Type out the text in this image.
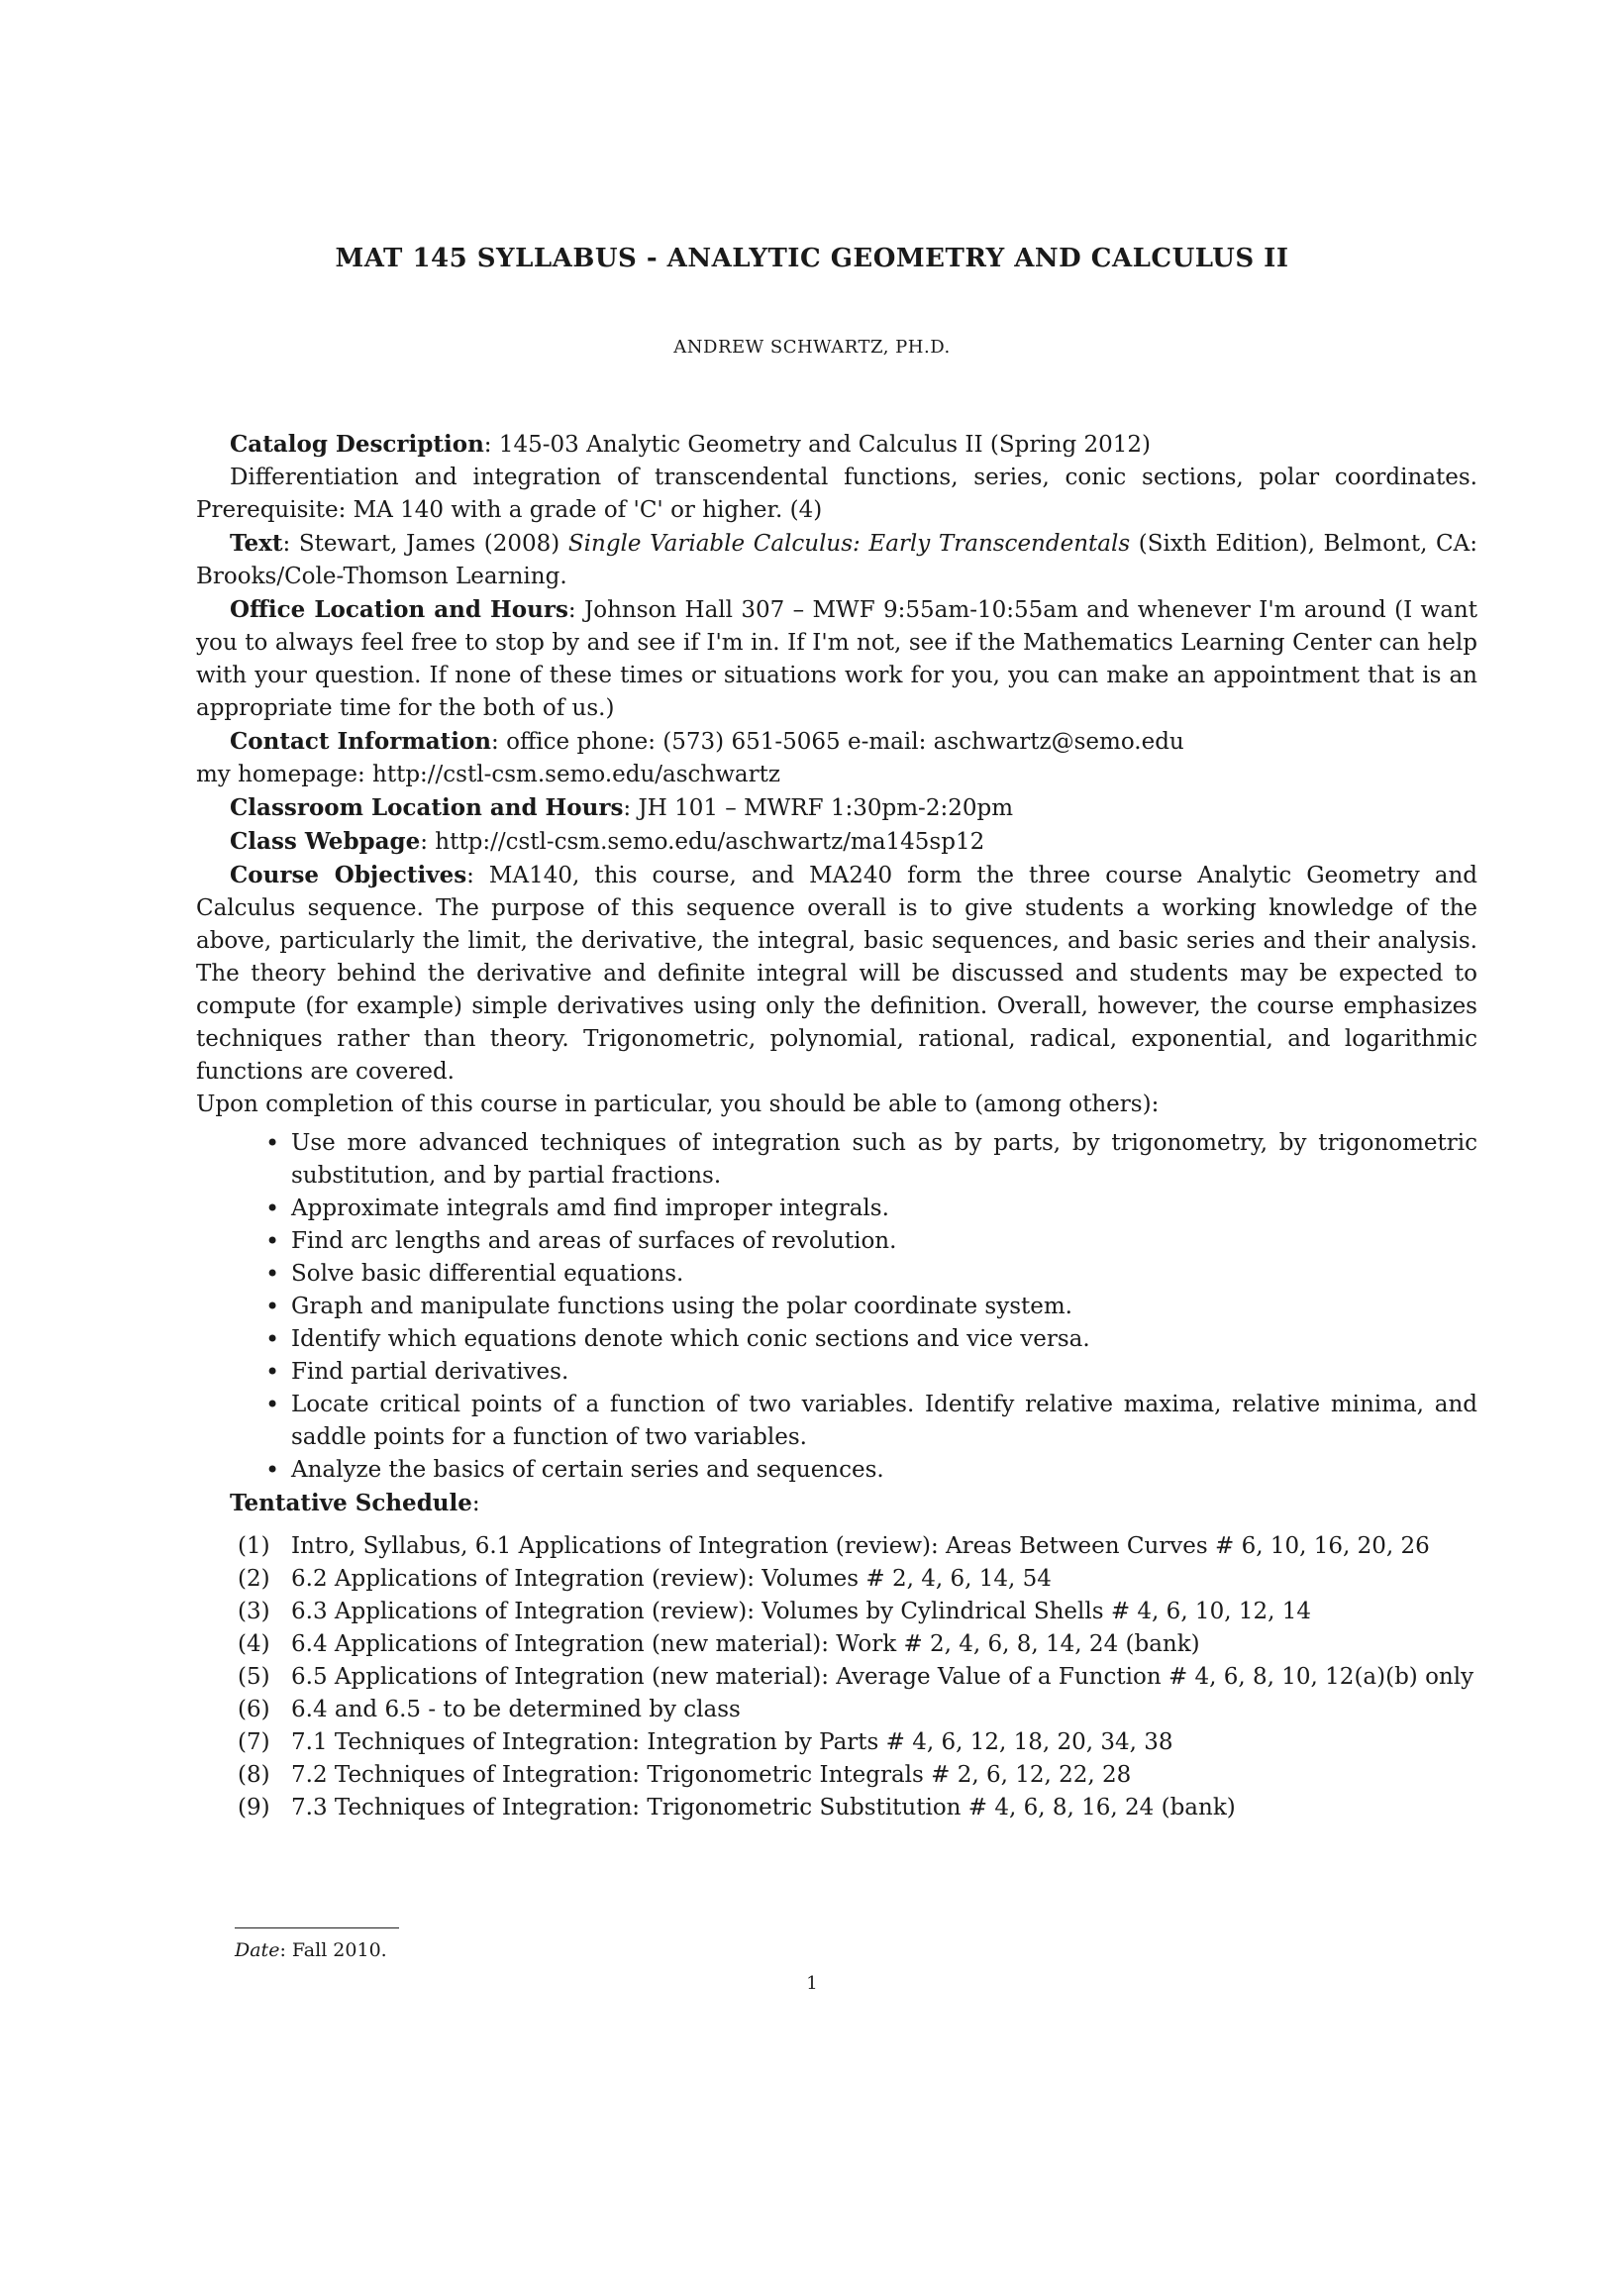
MAT 145 SYLLABUS - ANALYTIC GEOMETRY AND CALCULUS II
ANDREW SCHWARTZ, PH.D.

Catalog Description: 145-03 Analytic Geometry and Calculus II (Spring 2012)

Differentiation and integration of transcendental functions, series, conic sections, polar coordinates. Prerequisite: MA 140 with a grade of 'C' or higher. (4)

Text: Stewart, James (2008) Single Variable Calculus: Early Transcendentals (Sixth Edition), Belmont, CA: Brooks/Cole-Thomson Learning.

Office Location and Hours: Johnson Hall 307 – MWF 9:55am-10:55am and whenever I'm around (I want you to always feel free to stop by and see if I'm in. If I'm not, see if the Mathematics Learning Center can help with your question. If none of these times or situations work for you, you can make an appointment that is an appropriate time for the both of us.)

Contact Information: office phone: (573) 651-5065 e-mail: aschwartz@semo.edu

my homepage: http://cstl-csm.semo.edu/aschwartz

Classroom Location and Hours: JH 101 – MWRF 1:30pm-2:20pm

Class Webpage: http://cstl-csm.semo.edu/aschwartz/ma145sp12

Course Objectives: MA140, this course, and MA240 form the three course Analytic Geometry and Calculus sequence. The purpose of this sequence overall is to give students a working knowledge of the above, particularly the limit, the derivative, the integral, basic sequences, and basic series and their analysis. The theory behind the derivative and definite integral will be discussed and students may be expected to compute (for example) simple derivatives using only the definition. Overall, however, the course emphasizes techniques rather than theory. Trigonometric, polynomial, rational, radical, exponential, and logarithmic functions are covered.

Upon completion of this course in particular, you should be able to (among others):

• Use more advanced techniques of integration such as by parts, by trigonometry, by trigonometric substitution, and by partial fractions.
• Approximate integrals amd find improper integrals.
• Find arc lengths and areas of surfaces of revolution.
• Solve basic differential equations.
• Graph and manipulate functions using the polar coordinate system.
• Identify which equations denote which conic sections and vice versa.
• Find partial derivatives.
• Locate critical points of a function of two variables. Identify relative maxima, relative minima, and saddle points for a function of two variables.
• Analyze the basics of certain series and sequences.

Tentative Schedule:

(1) Intro, Syllabus, 6.1 Applications of Integration (review): Areas Between Curves # 6, 10, 16, 20, 26
(2) 6.2 Applications of Integration (review): Volumes # 2, 4, 6, 14, 54
(3) 6.3 Applications of Integration (review): Volumes by Cylindrical Shells # 4, 6, 10, 12, 14
(4) 6.4 Applications of Integration (new material): Work # 2, 4, 6, 8, 14, 24 (bank)
(5) 6.5 Applications of Integration (new material): Average Value of a Function # 4, 6, 8, 10, 12(a)(b) only
(6) 6.4 and 6.5 - to be determined by class
(7) 7.1 Techniques of Integration: Integration by Parts # 4, 6, 12, 18, 20, 34, 38
(8) 7.2 Techniques of Integration: Trigonometric Integrals # 2, 6, 12, 22, 28
(9) 7.3 Techniques of Integration: Trigonometric Substitution # 4, 6, 8, 16, 24 (bank)
Date: Fall 2010.
1
